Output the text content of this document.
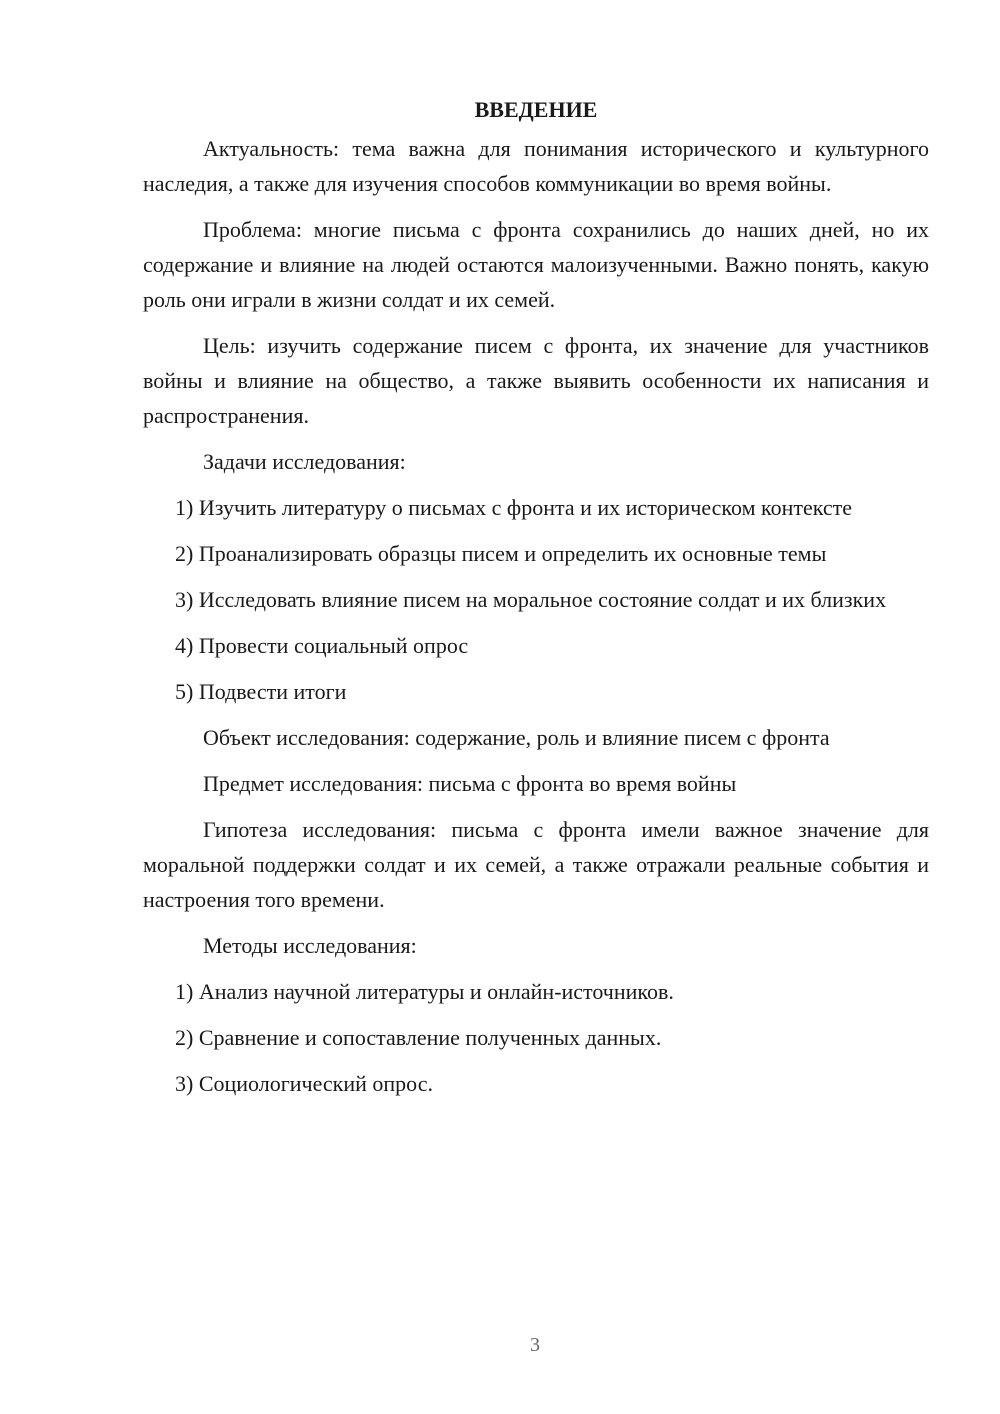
ВВЕДЕНИЕ

Актуальность: тема важна для понимания исторического и культурного наследия, а также для изучения способов коммуникации во время войны.

Проблема: многие письма с фронта сохранились до наших дней, но их содержание и влияние на людей остаются малоизученными. Важно понять, какую роль они играли в жизни солдат и их семей.

Цель: изучить содержание писем с фронта, их значение для участников войны и влияние на общество, а также выявить особенности их написания и распространения.

Задачи исследования:

1) Изучить литературу о письмах с фронта и их историческом контексте

2) Проанализировать образцы писем и определить их основные темы

3) Исследовать влияние писем на моральное состояние солдат и их близких

4) Провести социальный опрос

5) Подвести итоги

Объект исследования: содержание, роль и влияние писем с фронта

Предмет исследования: письма с фронта во время войны

Гипотеза исследования: письма с фронта имели важное значение для моральной поддержки солдат и их семей, а также отражали реальные события и настроения того времени.

Методы исследования:

1) Анализ научной литературы и онлайн-источников.

2) Сравнение и сопоставление полученных данных.

3) Социологический опрос.

3
